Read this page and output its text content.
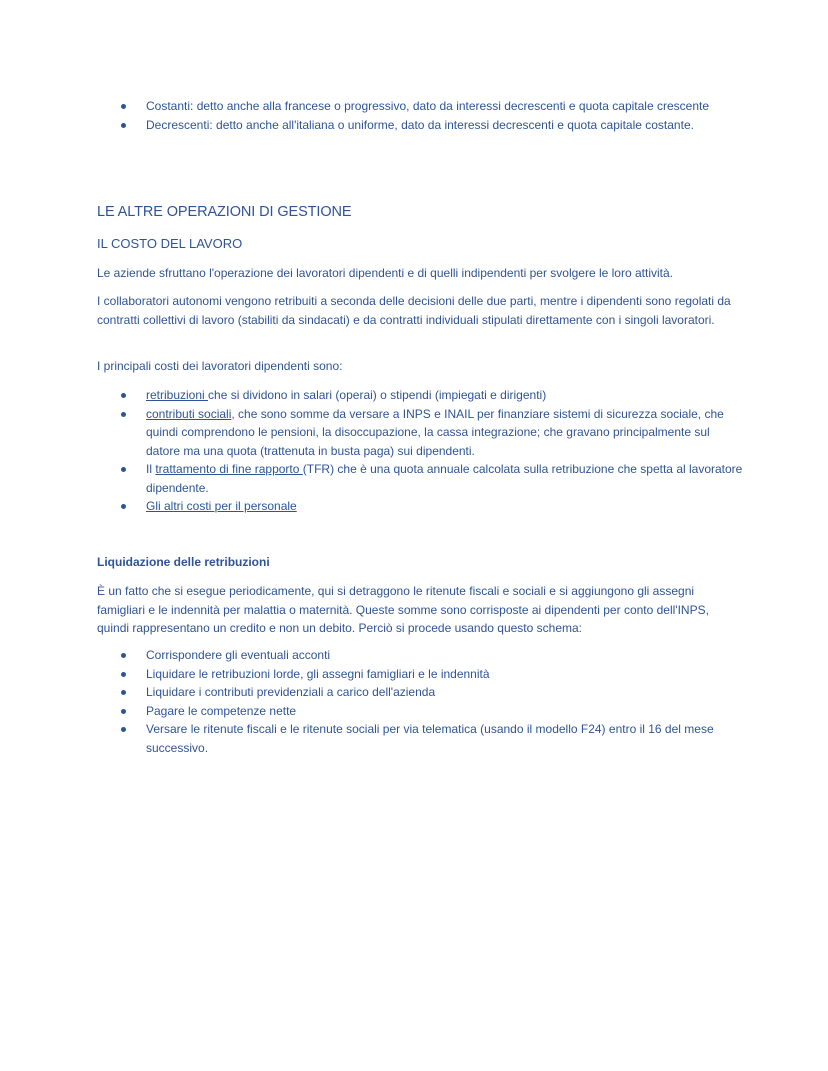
Costanti: detto anche alla francese o progressivo, dato da interessi decrescenti e quota capitale crescente
Decrescenti: detto anche all'italiana o uniforme, dato da interessi decrescenti e quota capitale costante.
LE ALTRE OPERAZIONI DI GESTIONE
IL COSTO DEL LAVORO

Le aziende sfruttano l'operazione dei lavoratori dipendenti e di quelli indipendenti per svolgere le loro attività.

I collaboratori autonomi vengono retribuiti a seconda delle decisioni delle due parti, mentre i dipendenti sono regolati da contratti collettivi di lavoro (stabiliti da sindacati) e da contratti individuali stipulati direttamente con i singoli lavoratori.

I principali costi dei lavoratori dipendenti sono:

retribuzioni che si dividono in salari (operai) o stipendi (impiegati e dirigenti)
contributi sociali, che sono somme da versare a INPS e INAIL per finanziare sistemi di sicurezza sociale, che quindi comprendono le pensioni, la disoccupazione, la cassa integrazione; che gravano principalmente sul datore ma una quota (trattenuta in busta paga) sui dipendenti.
Il trattamento di fine rapporto (TFR) che è una quota annuale calcolata sulla retribuzione che spetta al lavoratore dipendente.
Gli altri costi per il personale

Liquidazione delle retribuzioni

È un fatto che si esegue periodicamente, qui si detraggono le ritenute fiscali e sociali e si aggiungono gli assegni famigliari e le indennità per malattia o maternità. Queste somme sono corrisposte ai dipendenti per conto dell'INPS, quindi rappresentano un credito e non un debito. Perciò si procede usando questo schema:

Corrispondere gli eventuali acconti
Liquidare le retribuzioni lorde, gli assegni famigliari e le indennità
Liquidare i contributi previdenziali a carico dell'azienda
Pagare le competenze nette
Versare le ritenute fiscali e le ritenute sociali per via telematica (usando il modello F24) entro il 16 del mese successivo.
